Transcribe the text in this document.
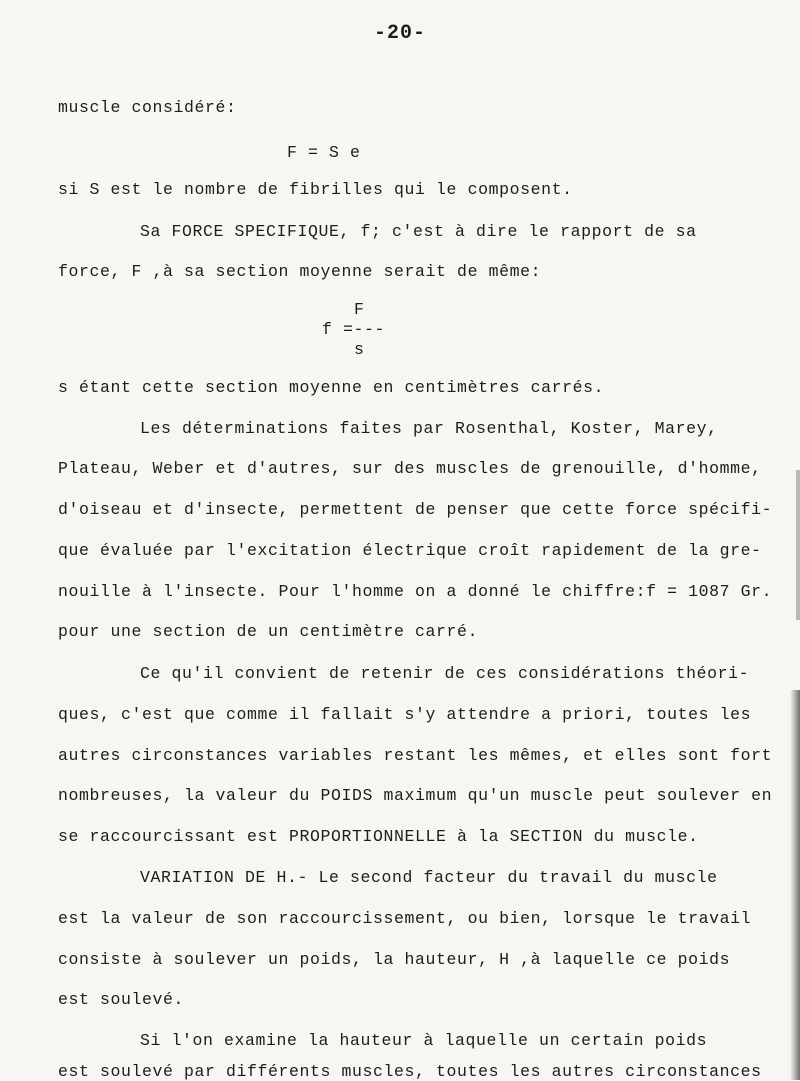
-20-
muscle considéré:
F = S e
si S est le nombre de fibrilles qui le composent.
Sa FORCE SPECIFIQUE, f; c'est à dire le rapport de sa
force, F ,à sa section moyenne serait de même:
F
f =---
s
s étant cette section moyenne en centimètres carrés.
Les déterminations faites par Rosenthal, Koster, Marey,
Plateau, Weber et d'autres, sur des muscles de grenouille, d'homme,
d'oiseau et d'insecte, permettent de penser que cette force spécifi-
que évaluée par l'excitation électrique croît rapidement de la gre-
nouille à l'insecte. Pour l'homme on a donné le chiffre:f = 1087 Gr.
pour une section de un centimètre carré.
Ce qu'il convient de retenir de ces considérations théori-
ques, c'est que comme il fallait s'y attendre a priori, toutes les
autres circonstances variables restant les mêmes, et elles sont fort
nombreuses, la valeur du POIDS maximum qu'un muscle peut soulever en
se raccourcissant est PROPORTIONNELLE à la SECTION du muscle.
VARIATION DE H.- Le second facteur du travail du muscle
est la valeur de son raccourcissement, ou bien, lorsque le travail
consiste à soulever un poids, la hauteur, H ,à laquelle ce poids
est soulevé.
Si l'on examine la hauteur à laquelle un certain poids
est soulevé par différents muscles, toutes les autres circonstances
